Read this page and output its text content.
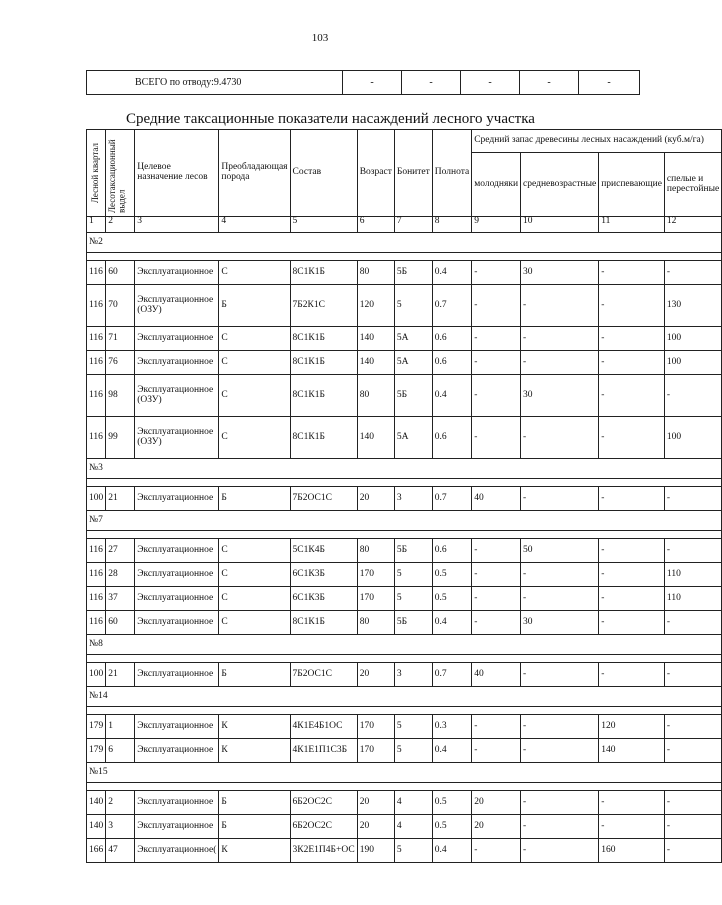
103
ВСЕГО по отводу:9.4730	-	-	-	-	-
Средние таксационные показатели насаждений лесного участка
Лесной квартал	Лесотаксационный выдел	Целевое назначение лесов	Преобладающая порода	Состав	Возраст	Бонитет	Полнота	Средний запас древесины лесных насаждений (куб.м/га)			
								молодняки	средневозрастные	приспевающие	спелые и перестойные
1	2	3	4	5	6	7	8	9	10	11	12
№2											

116	60	Эксплуатационное	С	8С1К1Б	80	5Б	0.4	-	30	-	-
116	70	Эксплуатационное (ОЗУ)	Б	7Б2К1С	120	5	0.7	-	-	-	130
116	71	Эксплуатационное	С	8С1К1Б	140	5А	0.6	-	-	-	100
116	76	Эксплуатационное	С	8С1К1Б	140	5А	0.6	-	-	-	100
116	98	Эксплуатационное (ОЗУ)	С	8С1К1Б	80	5Б	0.4	-	30	-	-
116	99	Эксплуатационное (ОЗУ)	С	8С1К1Б	140	5А	0.6	-	-	-	100
№3											

100	21	Эксплуатационное	Б	7Б2ОС1С	20	3	0.7	40	-	-	-
№7											

116	27	Эксплуатационное	С	5С1К4Б	80	5Б	0.6	-	50	-	-
116	28	Эксплуатационное	С	6С1К3Б	170	5	0.5	-	-	-	110
116	37	Эксплуатационное	С	6С1К3Б	170	5	0.5	-	-	-	110
116	60	Эксплуатационное	С	8С1К1Б	80	5Б	0.4	-	30	-	-
№8											

100	21	Эксплуатационное	Б	7Б2ОС1С	20	3	0.7	40	-	-	-
№14											

179	1	Эксплуатационное	К	4К1Е4Б1ОС	170	5	0.3	-	-	120	-
179	6	Эксплуатационное	К	4К1Е1П1С3Б	170	5	0.4	-	-	140	-
№15											

140	2	Эксплуатационное	Б	6Б2ОС2С	20	4	0.5	20	-	-	-
140	3	Эксплуатационное	Б	6Б2ОС2С	20	4	0.5	20	-	-	-
166	47	Эксплуатационное(	К	3К2Е1П4Б+ОС	190	5	0.4	-	-	160	-
